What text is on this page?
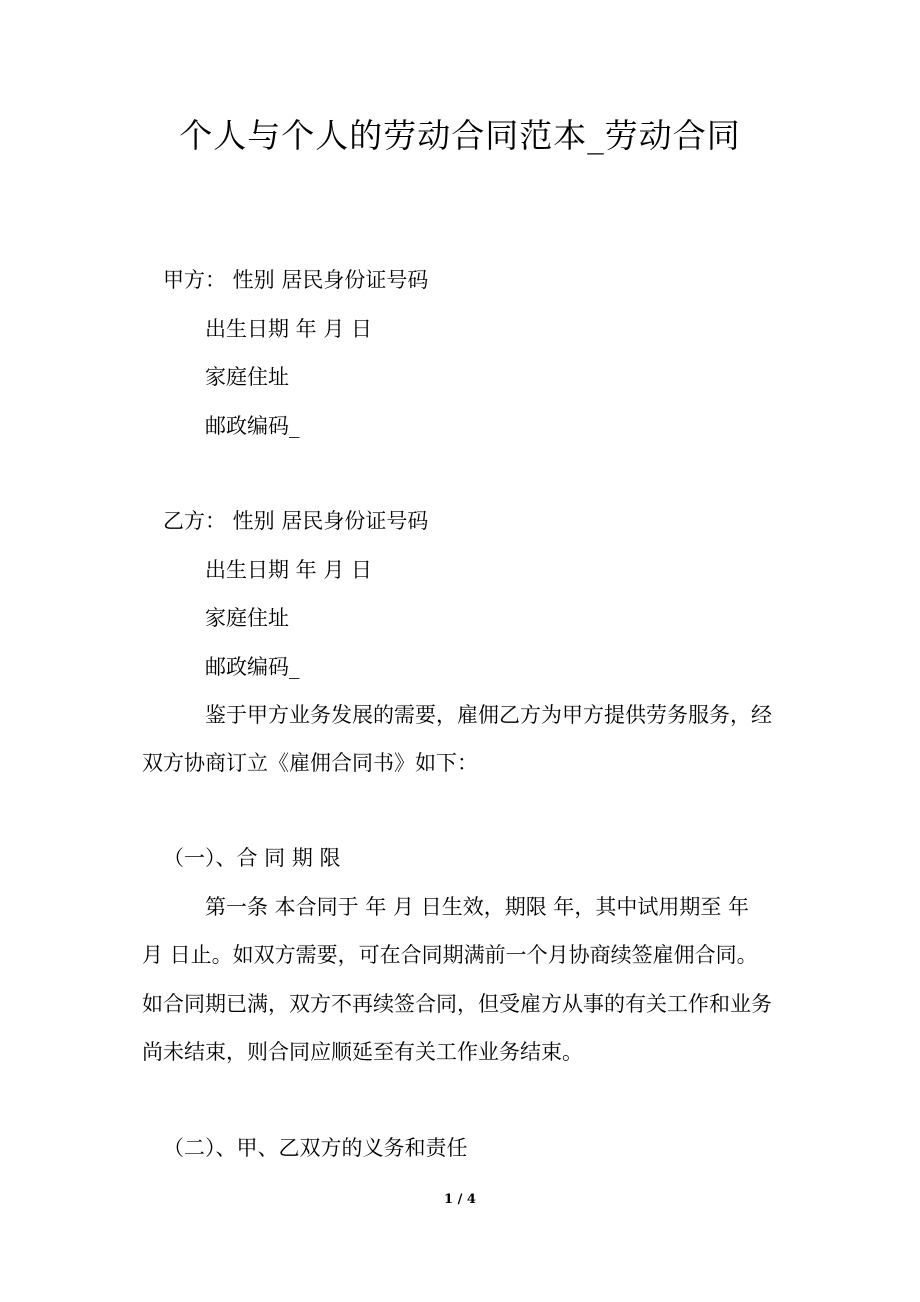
个人与个人的劳动合同范本_劳动合同
甲方： 性别 居民身份证号码
出生日期 年 月 日
家庭住址
邮政编码_
乙方： 性别 居民身份证号码
出生日期 年 月 日
家庭住址
邮政编码_
鉴于甲方业务发展的需要，雇佣乙方为甲方提供劳务服务，经
双方协商订立《雇佣合同书》如下：
（一）、合 同 期 限
第一条 本合同于 年 月 日生效，期限 年，其中试用期至 年
月 日止。如双方需要，可在合同期满前一个月协商续签雇佣合同。
如合同期已满，双方不再续签合同，但受雇方从事的有关工作和业务
尚未结束，则合同应顺延至有关工作业务结束。
（二）、甲、乙双方的义务和责任
1 / 4
